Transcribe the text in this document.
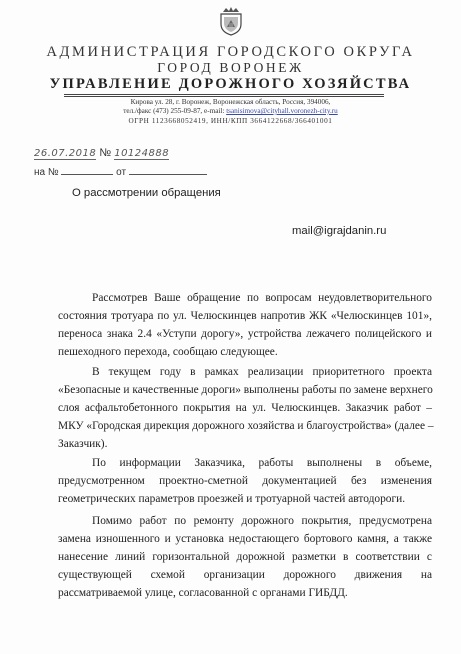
АДМИНИСТРАЦИЯ ГОРОДСКОГО ОКРУГА
ГОРОД ВОРОНЕЖ
УПРАВЛЕНИЕ ДОРОЖНОГО ХОЗЯЙСТВА
Кирова ул. 28, г. Воронеж, Воронежская область, Россия, 394006,
тел./факс (473) 255-09-87, e-mail: tsanisimova@cityhall.voronezh-city.ru
ОГРН 1123668052419, ИНН/КПП 3664122668/366401001
26.07.2018 № 10124888
на №	от
О рассмотрении обращения
mail@igrajdanin.ru
Рассмотрев Ваше обращение по вопросам неудовлетворительного
состояния тротуара по ул. Челюскинцев напротив ЖК «Челюскинцев 101»,
переноса знака 2.4 «Уступи дорогу», устройства лежачего полицейского и
пешеходного перехода, сообщаю следующее.
В текущем году в рамках реализации приоритетного проекта
«Безопасные и качественные дороги» выполнены работы по замене верхнего
слоя асфальтобетонного покрытия на ул. Челюскинцев. Заказчик работ –
МКУ «Городская дирекция дорожного хозяйства и благоустройства» (далее –
Заказчик).
По информации Заказчика, работы выполнены в объеме,
предусмотренном проектно-сметной документацией без изменения
геометрических параметров проезжей и тротуарной частей автодороги.
Помимо работ по ремонту дорожного покрытия, предусмотрена
замена изношенного и установка недостающего бортового камня, а также
нанесение линий горизонтальной дорожной разметки в соответствии с
существующей схемой организации дорожного движения на
рассматриваемой улице, согласованной с органами ГИБДД.
